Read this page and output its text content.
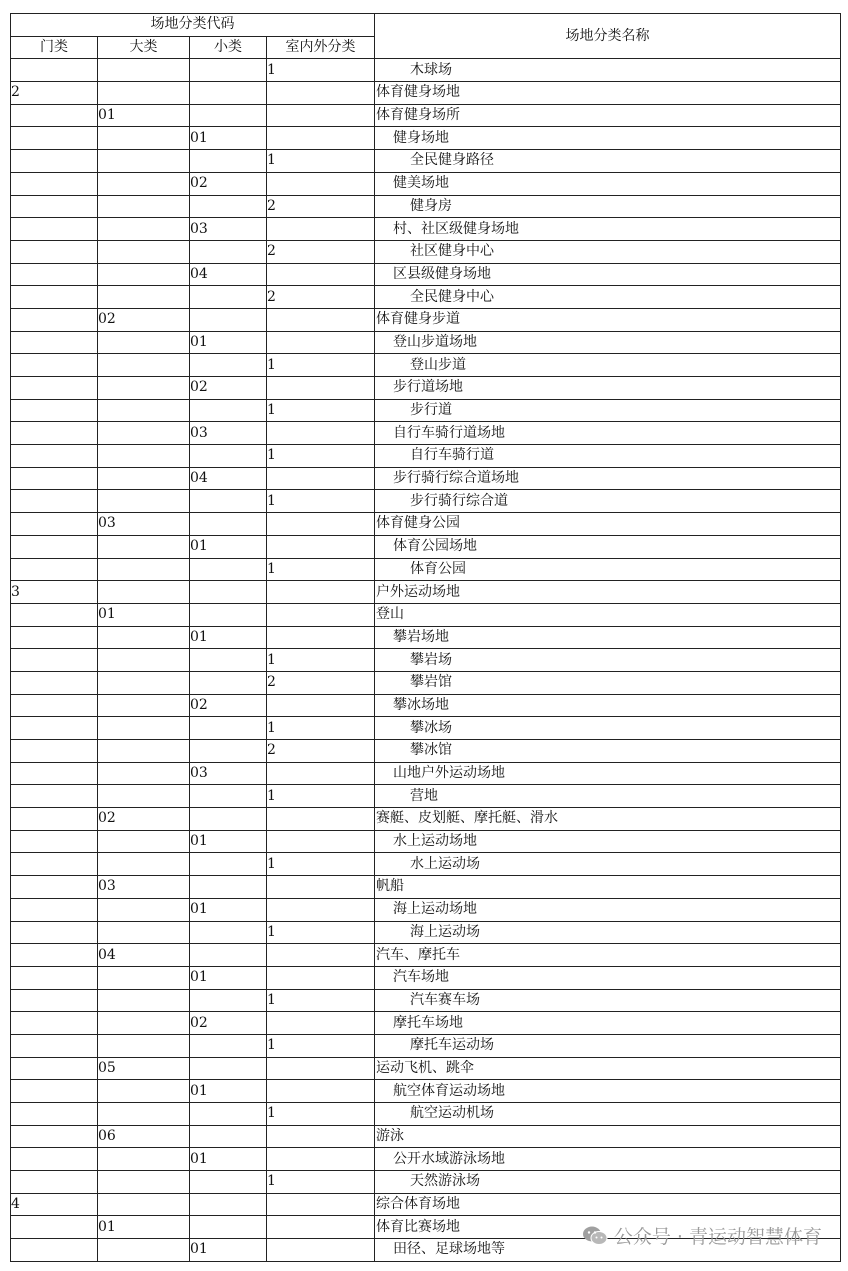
场地分类代码				场地分类名称
门类	大类	小类	室内外分类	
			1	木球场
2				体育健身场地
	01			体育健身场所
		01		健身场地
			1	全民健身路径
		02		健美场地
			2	健身房
		03		村、社区级健身场地
			2	社区健身中心
		04		区县级健身场地
			2	全民健身中心
	02			体育健身步道
		01		登山步道场地
			1	登山步道
		02		步行道场地
			1	步行道
		03		自行车骑行道场地
			1	自行车骑行道
		04		步行骑行综合道场地
			1	步行骑行综合道
	03			体育健身公园
		01		体育公园场地
			1	体育公园
3				户外运动场地
	01			登山
		01		攀岩场地
			1	攀岩场
			2	攀岩馆
		02		攀冰场地
			1	攀冰场
			2	攀冰馆
		03		山地户外运动场地
			1	营地
	02			赛艇、皮划艇、摩托艇、滑水
		01		水上运动场地
			1	水上运动场
	03			帆船
		01		海上运动场地
			1	海上运动场
	04			汽车、摩托车
		01		汽车场地
			1	汽车赛车场
		02		摩托车场地
			1	摩托车运动场
	05			运动飞机、跳伞
		01		航空体育运动场地
			1	航空运动机场
	06			游泳
		01		公开水域游泳场地
			1	天然游泳场
4				综合体育场地
	01			体育比赛场地
		01		田径、足球场地等
公众号 · 青运动智慧体育
